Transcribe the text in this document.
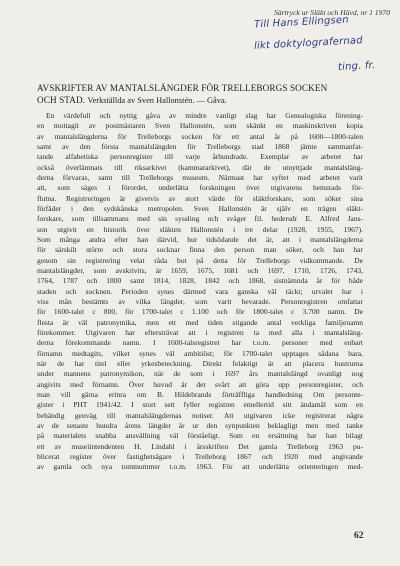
Särtryck ur Släkt och Hävd, nr 1 1970
Till Hans Ellingsen
likt doktylografernad
ting. fr.
AVSKRIFTER AV MANTALSLÄNGDER FÖR TRELLEBORGS SOCKEN
OCH STAD. Verkställda av Sven Hallonstén. — Gåva.
En värdefull och nyttig gåva av mindre vanligt slag har Genealogiska förening-
en mottagit av postmästaren Sven Hallonstén, som skänkt en maskinskriven kopia
av mantalslängderna för Trelleborgs socken för ett antal år på 1600—1800-talen
samt av den första mantalslängden för Trelleborgs stad 1868 jämte sammanfat-
tande alfabetiska personregister till varje århundrade. Exemplar av arbetet har
också överlämnats till riksarkivet (kammararkivet), där de utnyttjade mantalsläng-
derna förvaras, samt till Trelleborgs museum. Närmast har syftet med arbetet varit
att, som säges i förordet, underlätta forskningen över utgivarens hemstads för-
flutna. Registreringen är givetvis av stort värde för släktforskare, som söker sina
förfäder i den sydskånska metropolen. Sven Hallonstén är själv en trägen släkt-
forskare, som tillsammans med sin syssling och svåger fil. hedersdr E. Alfred Jans-
son utgivit en historik över släkten Hallonstén i tre delar (1928, 1955, 1967).
Som många andra efter han därvid, hur tidsödande det är, att i mantalslängderna
för särskilt större och stora socknar finna den person man söker, och han har
genom sin registrering velat råda bot på detta för Trelleborgs vidkommande. De
mantalslängder, som avskrivits, är 1659, 1675, 1681 och 1697, 1710, 1726, 1743,
1764, 1787 och 1800 samt 1814, 1828, 1842 och 1868, sistnämnda år för både
staden och socknen. Perioden synes därmed vara ganska väl täckt; urvalet har i
viss mån bestämts av vilka längder, som varit bevarade. Personregistren omfattar
för 1600-talet c 800, för 1700-talet c 1.100 och för 1800-talet c 3.700 namn. De
flesta är väl patronymika, men ett med tiden stigande antal verkliga familjenamn
förekommer. Utgivaren har eftersträvat att i registren ta med alla i mantalsläng-
derna förekommande namn. I 1600-talsregistret har t.o.m. personer med enbart
förnamn medtagits, vilket synes väl ambitiöst; för 1700-talet upptages sådana bara,
när de har titel eller yrkesbeteckning. Direkt felaktigt är att placera hustrurna
under mannens patronymikon, när de som i 1697 års mantalslängd ovanligt nog
angivits med förnamn. Över huvud är det svårt att göra upp personregister, och
man vill gärna erinra om B. Hildebrands förträffliga handledning Om personte-
gister i PHT 1941/42. I stort sett fyller registren emellertid sitt ändamål som en
behändig genväg till mantalslängdernas notiser. Att utgivaren icke registrerat några
av de senaste hundra årens längder är ur den synpunkten beklagligt men med tanke
på materialets snabba ansvällning väl förståeligt. Som en ersättning har han bilagt
ett av museiintendenten H. Lindahl i årsskriften Det gamla Trelleborg 1963 pu-
blicerat register över fastighetsägare i Trelleborg 1867 och 1920 med angivande
av gamla och nya tomtnummer t.o.m. 1963. För att underlätta orienteringen med-
62
